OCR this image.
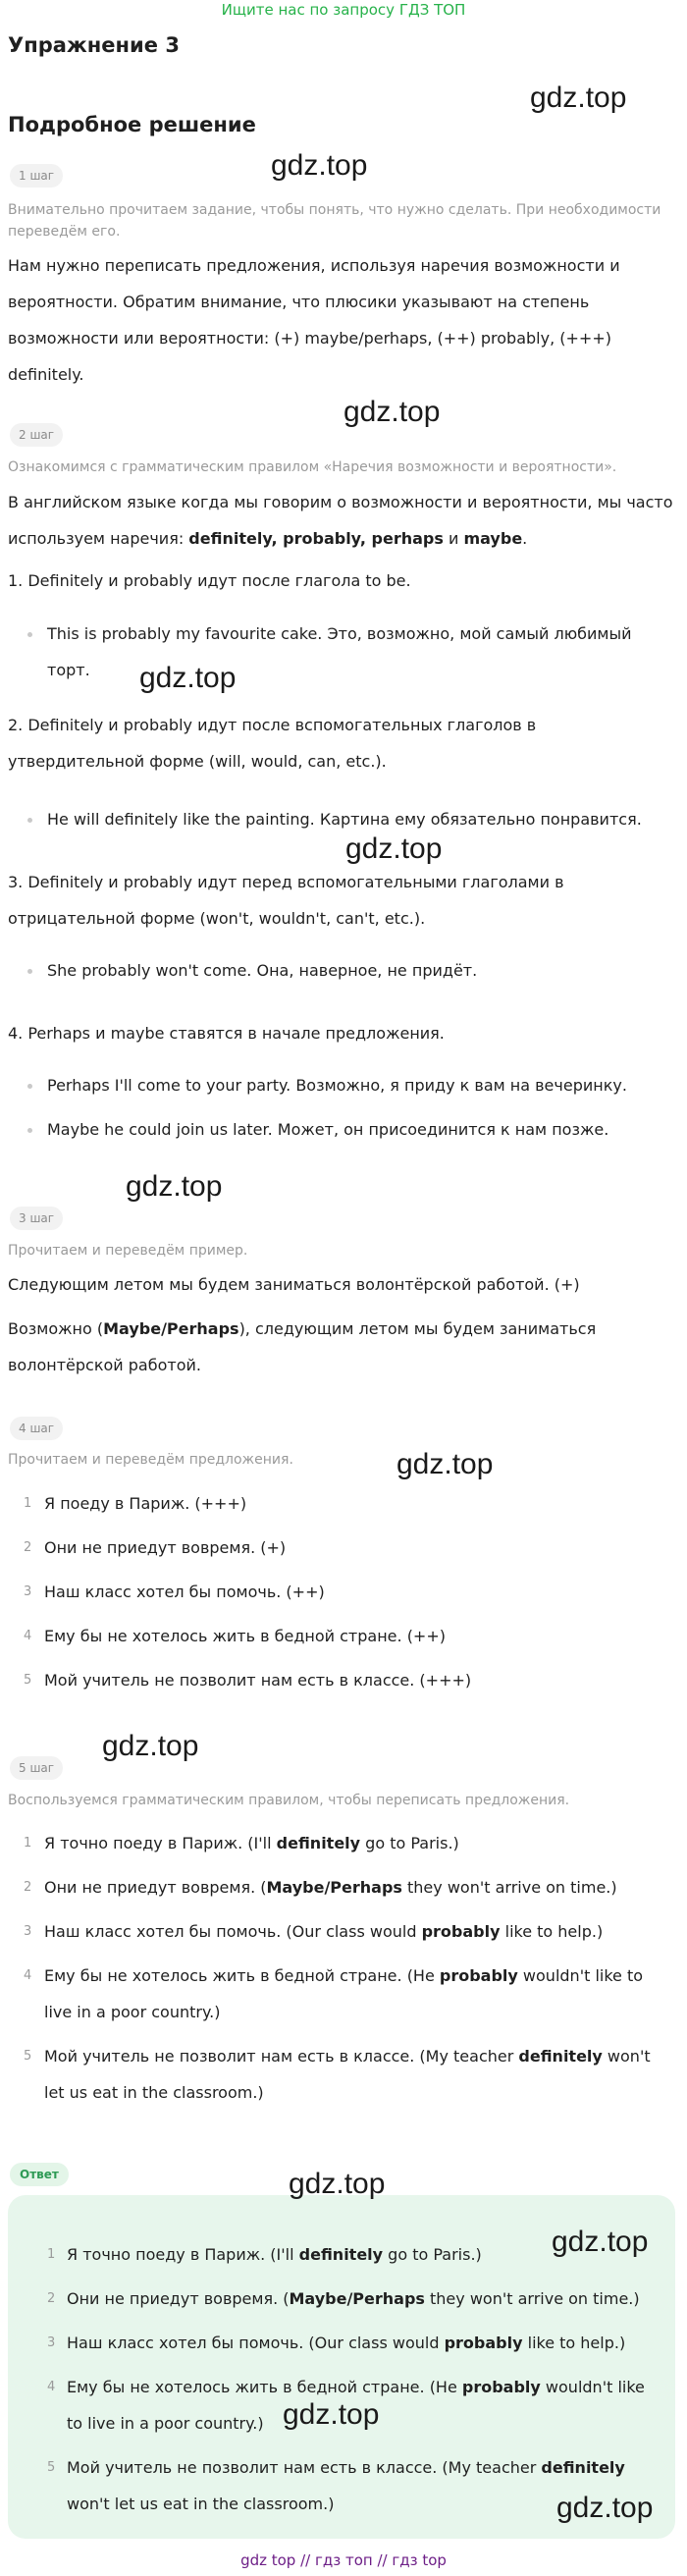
Ищите нас по запросу ГДЗ ТОП
Упражнение 3
Подробное решение
gdz.top
gdz.top
gdz.top
gdz.top
gdz.top
gdz.top
gdz.top
gdz.top
1 шаг
Внимательно прочитаем задание, чтобы понять, что нужно сделать. При необходимости переведём его.
Нам нужно переписать предложения, используя наречия возможности и вероятности. Обратим внимание, что плюсики указывают на степень возможности или вероятности: (+) maybe/perhaps, (++) probably, (+++) definitely.
2 шаг
Ознакомимся с грамматическим правилом «Наречия возможности и вероятности».
В английском языке когда мы говорим о возможности и вероятности, мы часто используем наречия: definitely, probably, perhaps и maybe.
1. Definitely и probably идут после глагола to be.
This is probably my favourite cake. Это, возможно, мой самый любимый торт.
2. Definitely и probably идут после вспомогательных глаголов в утвердительной форме (will, would, can, etc.).
He will definitely like the painting. Картина ему обязательно понравится.
3. Definitely и probably идут перед вспомогательными глаголами в отрицательной форме (won't, wouldn't, can't, etc.).
She probably won't come. Она, наверное, не придёт.
4. Perhaps и maybe ставятся в начале предложения.
Perhaps I'll come to your party. Возможно, я приду к вам на вечеринку.
Maybe he could join us later. Может, он присоединится к нам позже.
3 шаг
Прочитаем и переведём пример.
Следующим летом мы будем заниматься волонтёрской работой. (+)
Возможно (Maybe/Perhaps), следующим летом мы будем заниматься волонтёрской работой.
4 шаг
Прочитаем и переведём предложения.
1 Я поеду в Париж. (+++)
2 Они не приедут вовремя. (+)
3 Наш класс хотел бы помочь. (++)
4 Ему бы не хотелось жить в бедной стране. (++)
5 Мой учитель не позволит нам есть в классе. (+++)
5 шаг
Воспользуемся грамматическим правилом, чтобы переписать предложения.
1 Я точно поеду в Париж. (I'll definitely go to Paris.)
2 Они не приедут вовремя. (Maybe/Perhaps they won't arrive on time.)
3 Наш класс хотел бы помочь. (Our class would probably like to help.)
4 Ему бы не хотелось жить в бедной стране. (He probably wouldn't like to live in a poor country.)
5 Мой учитель не позволит нам есть в классе. (My teacher definitely won't let us eat in the classroom.)
Ответ	gdz.top
gdz.top
gdz.top
gdz.top
1 Я точно поеду в Париж. (I'll definitely go to Paris.)
2 Они не приедут вовремя. (Maybe/Perhaps they won't arrive on time.)
3 Наш класс хотел бы помочь. (Our class would probably like to help.)
4 Ему бы не хотелось жить в бедной стране. (He probably wouldn't like to live in a poor country.)
5 Мой учитель не позволит нам есть в классе. (My teacher definitely won't let us eat in the classroom.)
gdz top // гдз топ // гдз top
